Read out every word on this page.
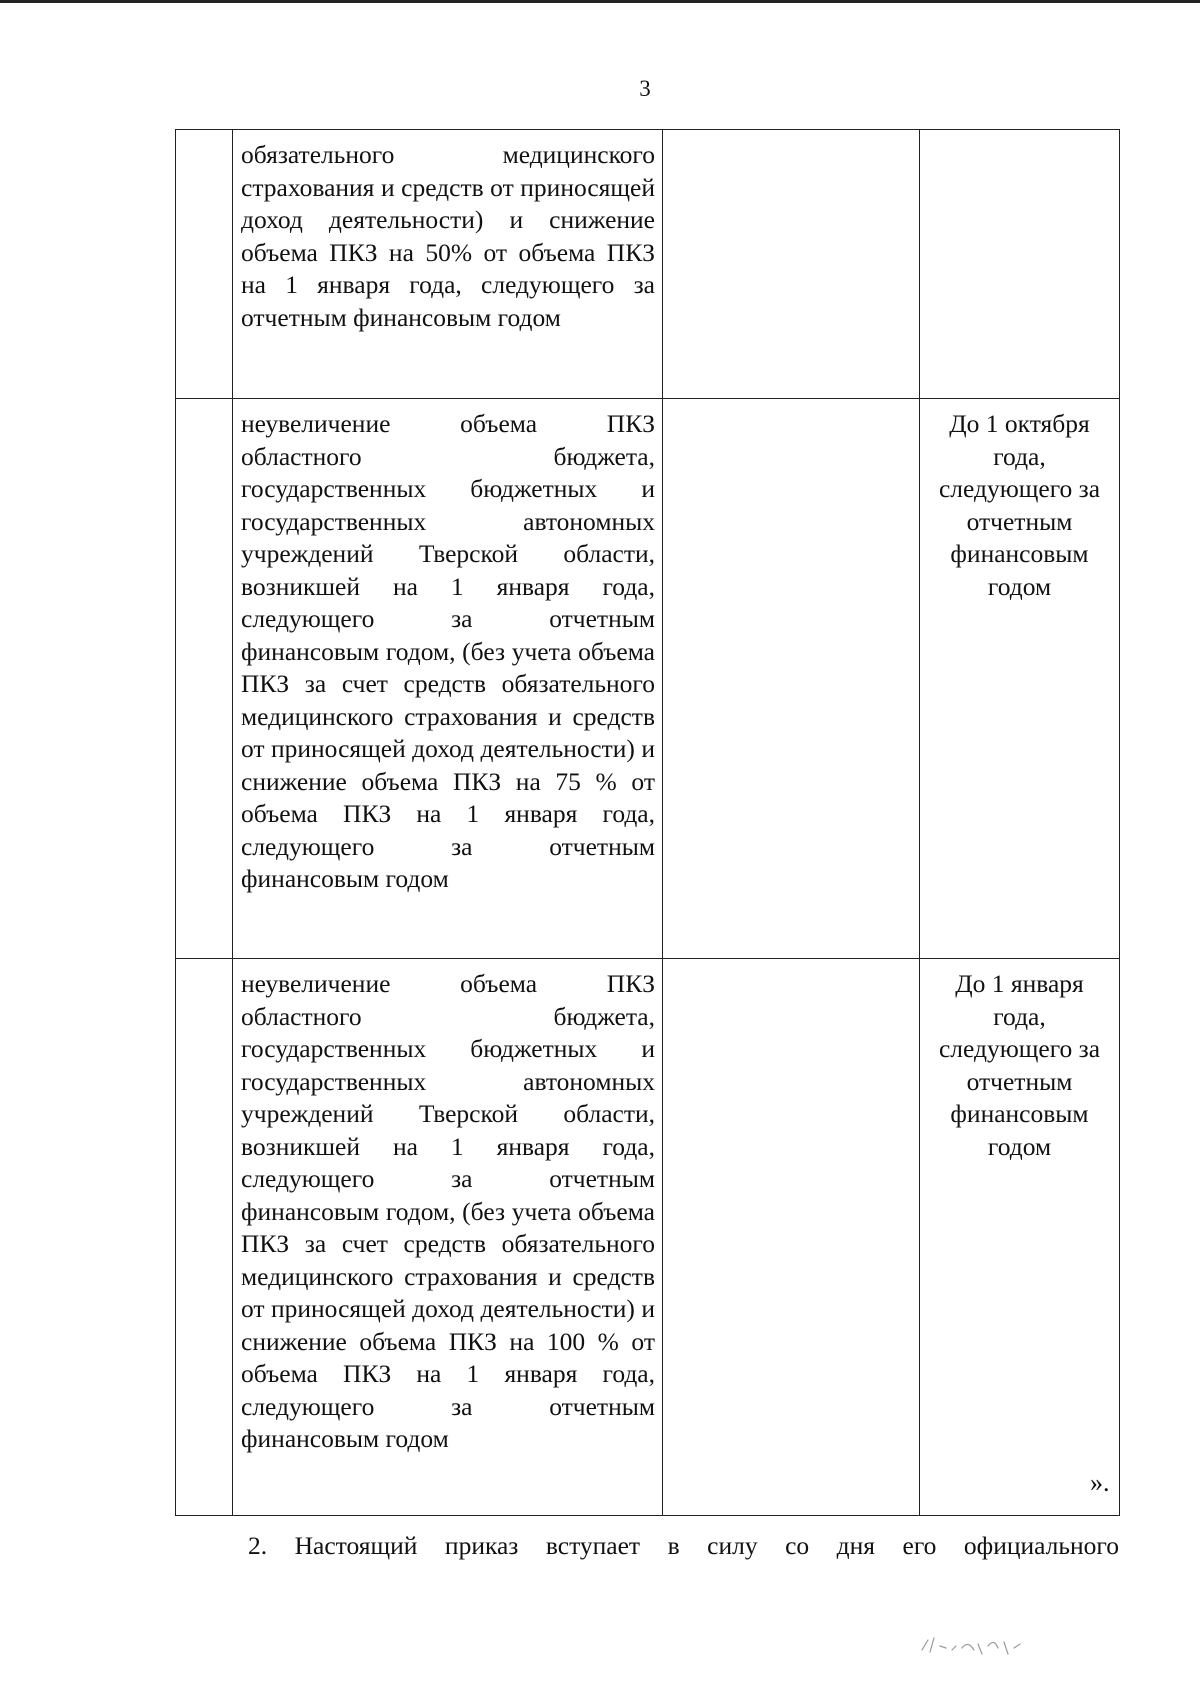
3

	обязательного медицинского страхования и средств от приносящей доход деятельности) и снижение объема ПКЗ на 50% от объема ПКЗ на 1 января года, следующего за отчетным финансовым годом		

	неувеличение объема ПКЗ областного бюджета, государственных бюджетных и государственных автономных учреждений Тверской области, возникшей на 1 января года, следующего за отчетным финансовым годом, (без учета объема ПКЗ за счет средств обязательного медицинского страхования и средств от приносящей доход деятельности) и снижение объема ПКЗ на 75 % от объема ПКЗ на 1 января года, следующего за отчетным финансовым годом		До 1 октября года, следующего за отчетным финансовым годом

	неувеличение объема ПКЗ областного бюджета, государственных бюджетных и государственных автономных учреждений Тверской области, возникшей на 1 января года, следующего за отчетным финансовым годом, (без учета объема ПКЗ за счет средств обязательного медицинского страхования и средств от приносящей доход деятельности) и снижение объема ПКЗ на 100 % от объема ПКЗ на 1 января года, следующего за отчетным финансовым годом		До 1 января года, следующего за отчетным финансовым годом
».
2. Настоящий приказ вступает в силу со дня его официального
